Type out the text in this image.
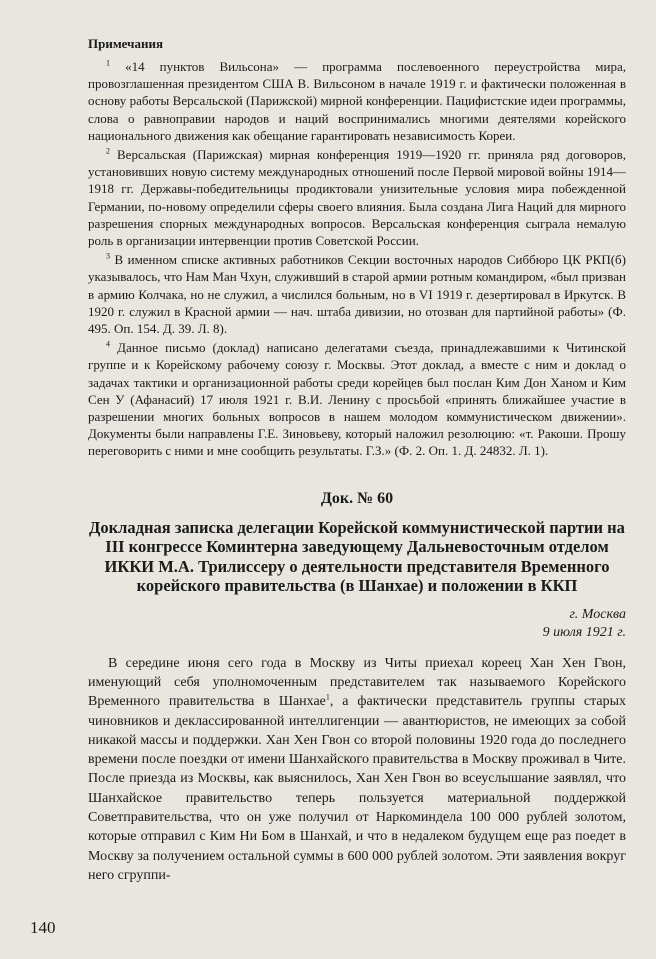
Примечания

$^1$ «14 пунктов Вильсона» — программа послевоенного переустройства мира, провозглашенная президентом США В. Вильсоном в начале 1919 г. и фактически положенная в основу работы Версальской (Парижской) мирной конференции. Пацифистские идеи программы, слова о равноправии народов и наций воспринимались многими деятелями корейского национального движения как обещание гарантировать независимость Кореи.

$^2$ Версальская (Парижская) мирная конференция 1919—1920 гг. приняла ряд договоров, установивших новую систему международных отношений после Первой мировой войны 1914—1918 гг. Державы-победительницы продиктовали унизительные условия мира побежденной Германии, по-новому определили сферы своего влияния. Была создана Лига Наций для мирного разрешения спорных международных вопросов. Версальская конференция сыграла немалую роль в организации интервенции против Советской России.

$^3$ В именном списке активных работников Секции восточных народов Сиббюро ЦК РКП(б) указывалось, что Нам Ман Чхун, служивший в старой армии ротным командиром, «был призван в армию Колчака, но не служил, а числился больным, но в VI 1919 г. дезертировал в Иркутск. В 1920 г. служил в Красной армии — нач. штаба дивизии, но отозван для партийной работы» (Ф. 495. Оп. 154. Д. 39. Л. 8).

$^4$ Данное письмо (доклад) написано делегатами съезда, принадлежавшими к Читинской группе и к Корейскому рабочему союзу г. Москвы. Этот доклад, а вместе с ним и доклад о задачах тактики и организационной работы среди корейцев был послан Ким Дон Ханом и Ким Сен У (Афанасий) 17 июля 1921 г. В.И. Ленину с просьбой «принять ближайшее участие в разрешении многих больных вопросов в нашем молодом коммунистическом движении». Документы были направлены Г.Е. Зиновьеву, который наложил резолюцию: «т. Ракоши. Прошу переговорить с ними и мне сообщить результаты. Г.З.» (Ф. 2. Оп. 1. Д. 24832. Л. 1).

Док. № 60
Докладная записка делегации Корейской коммунистической партии на III конгрессе Коминтерна заведующему Дальневосточным отделом ИККИ М.А. Трилиссеру о деятельности представителя Временного корейского правительства (в Шанхае) и положении в ККП

г. Москва

9 июля 1921 г.

В середине июня сего года в Москву из Читы приехал кореец Хан Хен Гвон, именующий себя уполномоченным представителем так называемого Корейского Временного правительства в Шанхае$^1$, а фактически представитель группы старых чиновников и деклассированной интеллигенции — авантюристов, не имеющих за собой никакой массы и поддержки. Хан Хен Гвон со второй половины 1920 года до последнего времени после поездки от имени Шанхайского правительства в Москву проживал в Чите. После приезда из Москвы, как выяснилось, Хан Хен Гвон во всеуслышание заявлял, что Шанхайское правительство теперь пользуется материальной поддержкой Советправительства, что он уже получил от Наркоминдела 100 000 рублей золотом, которые отправил с Ким Ни Бом в Шанхай, и что в недалеком будущем еще раз поедет в Москву за получением остальной суммы в 600 000 рублей золотом. Эти заявления вокруг него сгруппи-

140
